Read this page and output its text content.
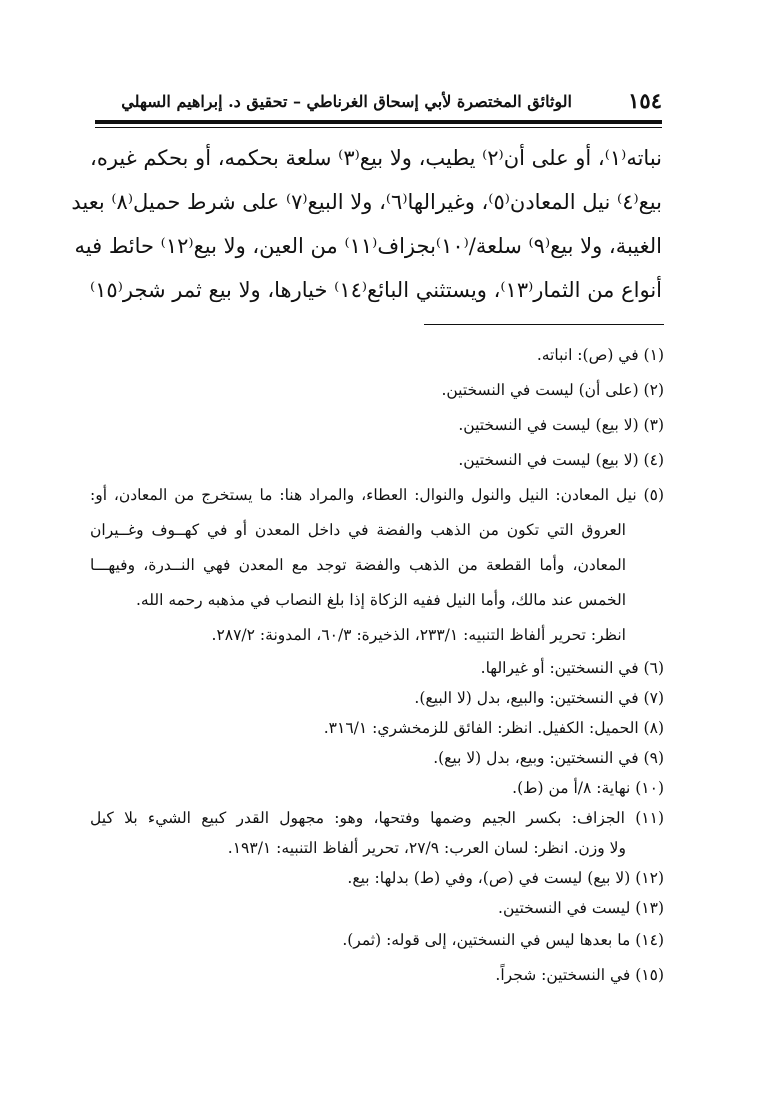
١٥٤
الوثائق المختصرة لأبي إسحاق الغرناطي – تحقيق د. إبراهيم السهلي
نباته⁽١⁾، أو على أن⁽٢⁾ يطيب، ولا بيع⁽٣⁾ سلعة بحكمه، أو بحكم غيره،
بيع⁽٤⁾ نيل المعادن⁽٥⁾، وغيرالها⁽٦⁾، ولا البيع⁽٧⁾ على شرط حميل⁽٨⁾ بعيد
الغيبة، ولا بيع⁽٩⁾ سلعة/⁽١٠⁾بجزاف⁽١١⁾ من العين، ولا بيع⁽١٢⁾ حائط فيه
أنواع من الثمار⁽١٣⁾، ويستثني البائع⁽١٤⁾ خيارها، ولا بيع ثمر شجر⁽١٥⁾
(١) في (ص): انباته.
(٢) (على أن) ليست في النسختين.
(٣) (لا بيع) ليست في النسختين.
(٤) (لا بيع) ليست في النسختين.
(٥) نيل المعادن: النيل والنول والنوال: العطاء، والمراد هنا: ما يستخرج من المعادن، أو:
العروق التي تكون من الذهب والفضة في داخل المعدن أو في كهــوف وغــيران
المعادن، وأما القطعة من الذهب والفضة توجد مع المعدن فهي النــدرة، وفيهـــا
الخمس عند مالك، وأما النيل ففيه الزكاة إذا بلغ النصاب في مذهبه رحمه الله.
انظر: تحرير ألفاظ التنبيه: ٢٣٣/١، الذخيرة: ٦٠/٣، المدونة: ٢٨٧/٢.
(٦) في النسختين: أو غيرالها.
(٧) في النسختين: والبيع، بدل (لا البيع).
(٨) الحميل: الكفيل. انظر: الفائق للزمخشري: ٣١٦/١.
(٩) في النسختين: وبيع، بدل (لا بيع).
(١٠) نهاية: ٨/أ من (ط).
(١١) الجزاف: بكسر الجيم وضمها وفتحها، وهو: مجهول القدر كبيع الشيء بلا كيل
ولا وزن. انظر: لسان العرب: ٢٧/٩، تحرير ألفاظ التنبيه: ١٩٣/١.
(١٢) (لا بيع) ليست في (ص)، وفي (ط) بدلها: بيع.
(١٣) ليست في النسختين.
(١٤) ما بعدها ليس في النسختين، إلى قوله: (ثمر).
(١٥) في النسختين: شجراً.
